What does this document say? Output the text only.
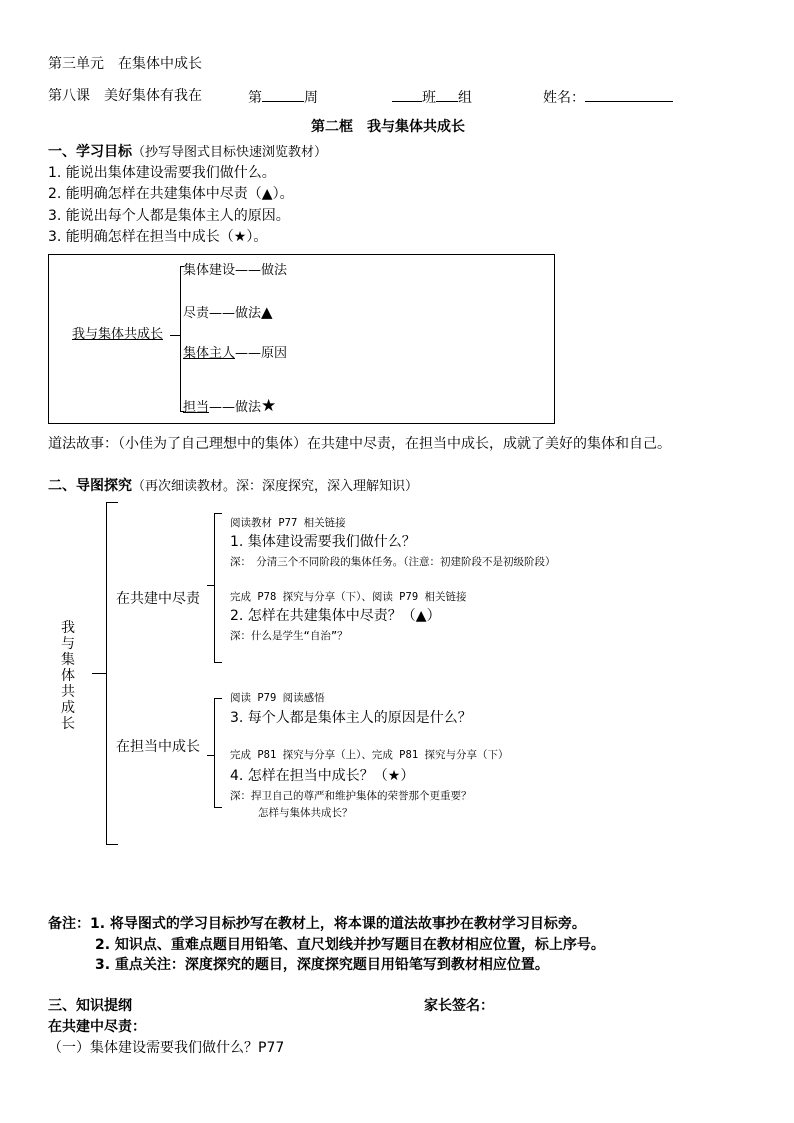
第三单元　在集体中成长
第八课　美好集体有我在	第	周	班 组	姓名：
第二框　我与集体共成长
一、学习目标（抄写导图式目标快速浏览教材）
1. 能说出集体建设需要我们做什么。
2. 能明确怎样在共建集体中尽责（▲）。
3. 能说出每个人都是集体主人的原因。
3. 能明确怎样在担当中成长（★）。
我与集体共成长
集体建设——做法
尽责——做法▲
集体主人——原因
担当——做法★
道法故事：（小佳为了自己理想中的集体）在共建中尽责，在担当中成长，成就了美好的集体和自己。
二、导图探究（再次细读教材。深：深度探究，深入理解知识）
我与集体共成长
在共建中尽责
阅读教材 P77 相关链接
1. 集体建设需要我们做什么？
深：　分清三个不同阶段的集体任务。（注意：初建阶段不是初级阶段）
完成 P78 探究与分享（下）、阅读 P79 相关链接
2. 怎样在共建集体中尽责？（▲）
深：什么是学生“自治”？
在担当中成长
阅读 P79 阅读感悟
3. 每个人都是集体主人的原因是什么？
完成 P81 探究与分享（上）、完成 P81 探究与分享（下）
4. 怎样在担当中成长？（★）
深：捍卫自己的尊严和维护集体的荣誉那个更重要？
怎样与集体共成长？
备注：1. 将导图式的学习目标抄写在教材上，将本课的道法故事抄在教材学习目标旁。
2. 知识点、重难点题目用铅笔、直尺划线并抄写题目在教材相应位置，标上序号。
3. 重点关注：深度探究的题目，深度探究题目用铅笔写到教材相应位置。
三、知识提纲	家长签名：
在共建中尽责：
（一）集体建设需要我们做什么？P77
